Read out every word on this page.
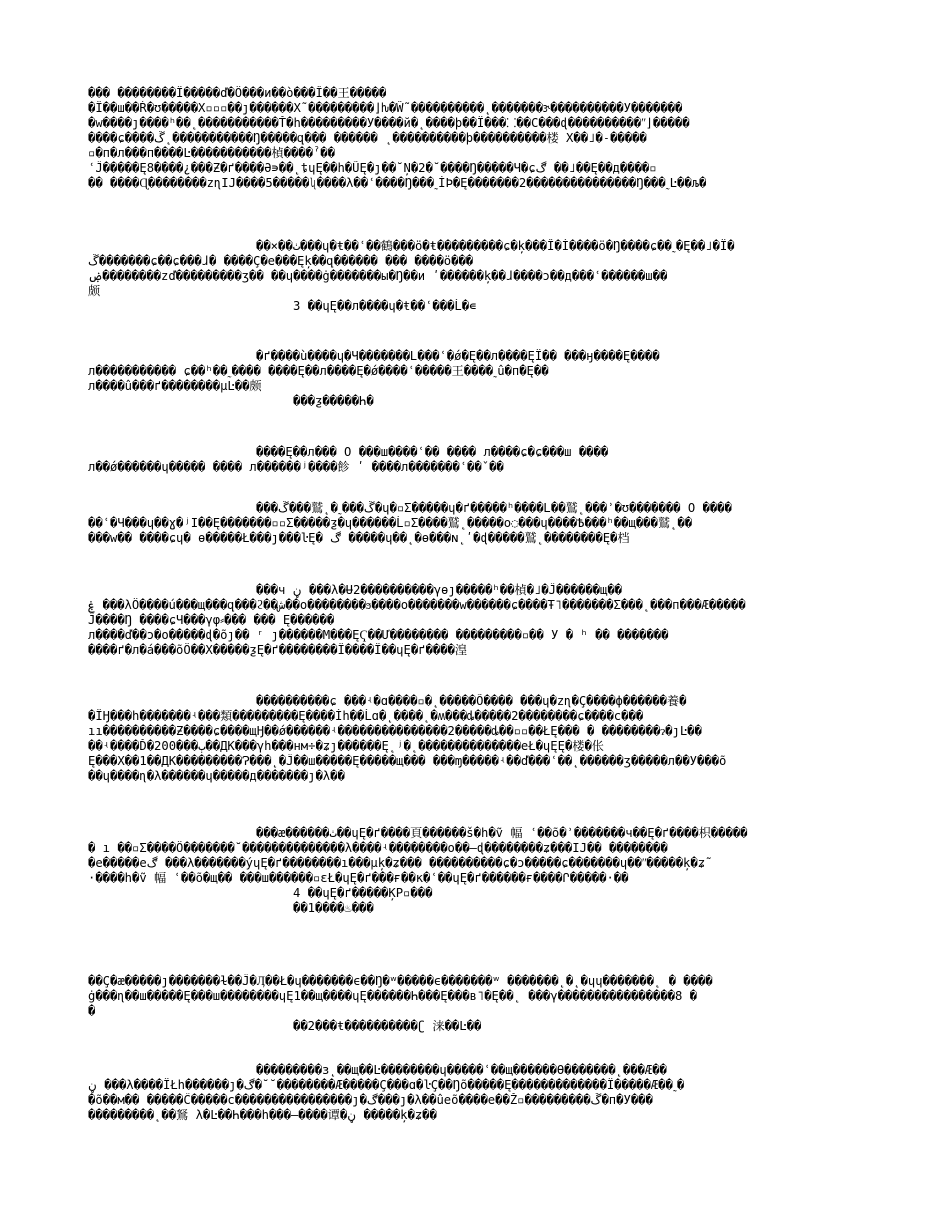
��� ��������Ï�����ď�Ö���и��ò���Î��王�����
�Ï��ш��Ŕ�ʊ�����Χ▫▫▫��ȷ������Χ˜���������⌋ƕ�Ŵ˜����������˛�������ɝ����������У�������
�w����ȷ����ʰ��˛�����������Ť�h���������У����й�˛����ϸ��Ï���⸬��С���ɖ����������ʺ⌋�����
����ɕ����ڴ˛�����������Ŋ�����զ��� ������ ˛����������ϸ����������楼 Χ��˩�˗�����
▫�п�л���п����Ŀ�����������楨����ˀ��
ʿĴ�����Ę8����¿���Ƶ�ґ����Ә∍��˛ȶɥĘ��h�ŨĘ�ȷ��˘Ņ�2�˘����Ŋ�����Ч�ɕڰ ��˩��Ę��д����▫
�� ����Ɋ��������zɳIJ����5�����ʯ����λ��ʿ����Ŋ���˷ÍÞ�Ę�������2���������������Ŋ���˷Ŀ��љ�
��×��ٺ���ɥ�ŧ��ʿ��鶴���ö�ŧ���������ɕ�ķ���Î�Ì����ö�Ŋ����ɕ��˷�Ę��˩�Ï�
ڴ�������ɕ��ɕ���ɺ� ����Ç�e���Ęķ��զ������ ��� ����ö���
ۻ��������zď���������ʒ�� ��ɥ����ġ�������ы�Ŋ��и ʹ������ķ��ɺ����ɔ��д���ʿ������ш��
颇
3 ��ɥĘ��л����ɥ�ŧ��ʿ���Ĺ�∊
�ґ����ù����ɥ�Ч�������Լ���ʿ�ǿ�Ę��л����ĘÏ�� ���ӈ����Ę����
л����������� ɕ��ʰ��˷���� ����Ę��л����Ę�ǿ����ʿ�����王����˷û�п�Ę��
л����û���ґ��������μĿ��颇
���ƺ�����Һ�
����Ę��л��� О ���ш����ʿ�� ���� л����ɕ�ɕ���ш ����
л��ǿ������ɥ����� ���� л������ʲ����飻 ʹ ����л�������ʿ��ˇ��
���ڴ���鷲˛�˷���ڴ�ɥ�▫Σ�����ɥ�ґ�����ʰ����Լ��鷲˛���ʾ�ʊ������� О ����
��ʿ�Ч���ɥ��ɣ�ʲI��Ę�������▫▫Σ�����ƺ�ɥ������Ĺ▫Σ����鷲˛�����о◌���ɥ����Ѣ���ʰ��щ���鷲˛��
���w�� ����ɕɥ� ѳ�����Ł���ȷ���ŀĘ� ڰ �����ɥ��˛�ѳ���ɴ˛ʹ�ɖ�����鷲˛��������Ę�档
���ч ڼ ���λ�Ʉ2����������γɵȷ�����ʰ��楨�˩�Ĵ������щ��
ۼ ���λÖ����ú���щ���զ���ϩ��ش��о��������ϧ����о�������w������ɕ����Ŧ˥�������Σ���˛���п���Ӕ�����
Ĵ����Ŋ ����ɕЧ���γφ⸗��� ��� Ę������
л����ď��ɔ�o�����ɖ�õȷ�� ʳ ȷ������М���ĘҀ��Ư�������� ���������▫�� У � ʰ �� �������
����ґ�л�á���õÖ��Χ�����ƺĘ�ґ��������Ï����Ï��ɥĘ�ґ����湟
����������ɕ ���ʵ�ɑ����▫�˛�����Õ���� ���ɥ�zɳ�Ҫ����ф������養�
�ÏӇ���h�������ʵ���類���������Ę����Ìh��Ĺɑ�˛����˛�ʍ���ȡ�����2��������ɕ����с���
ıı����������Ƶ����ɕ����щӇ��ǿ������ʵ���������������2�����ȡ��▫▫��ŁĘ��� � ��������ɂ�ȷĿ��
��ʵ����Ď�200���ٻ��ДК���γh���нм÷�ʑȷ������Ę˛ʲ�˛��������������еŁ�ɥĘĘ�楼�伥
Ę���Χ��1��ДК���������Ɂ���˛�Ĵ��ш�����Ę�����щ��� ���ɱ�����ʵ��ď���ʿ��˛������ʒ�����л��У���õ
��ɥ����ɳ�λ������ɥ�����д�������ȷ�λ��
���æ������ٺ��ɥĘ�ґ����頁������š�h�ṽ 幅 ʿ��õ�ʾ�������ч��Ę�ґ����枳�����
� ı ��▫Σ����Ö�������˘��������������λ����ʵ��������о��‒ɖ��������ʑ���IJ�� ��������
�e�����eڰ ���λ�������ýɥĘ�ґ��������ı���μķ�ʑ��� ����������ɕ�ɔ�����ɕ�������ɥ��ʺ�����ķ�ʑ˜
·����h�ṽ 幅 ʿ��õ�щ�� ���ш������▫εŁ�ɥĘ�ґ���ғ��ĸ�ʿ��ɥĘ�ґ������ғ����Ր�����·��
4 ��ɥĘ�ґ�����ĶР▫���
��1����♨���
��Ç�æ�����ȷ�������ɫ��Ĵ�Ӆ��Ł�ɥ�������ϵ��Ŋ�ʷ�����ϵ�������ʷ �������˛�˛�ɥɥ�������˛ � ����
ġ���ɳ��ш�����Ę���ш��������ɥĘ1��щ����ɥĘ������Һ���Ę���в˥�Ę��˛ ���γ����������������8 �
�
��2���ŧ����������ʗ 涞��Ŀ��
���������з˛��щ��Ŀ��������ɥ�����ʿ��щ������Ɵ�������˛���Ӕ��
ڼ ���λ����ÏŁh������ȷ�ڰ�˘˘��������Ӕ�����Ç���ɑ�ŀÇ��Ŋõ�����Ę�������������Ï�����Ӕ��˷�
�õ��м�� �����Ĉ�����с����������������ȷ�ڰ���ȷ�λ��ûeõ����e��Ž▫���������ڴ�п�У���
���������˛��鴑 λ�Ŀ��Һ���h���—����谭�ڼ �����ķ�ʑ��
